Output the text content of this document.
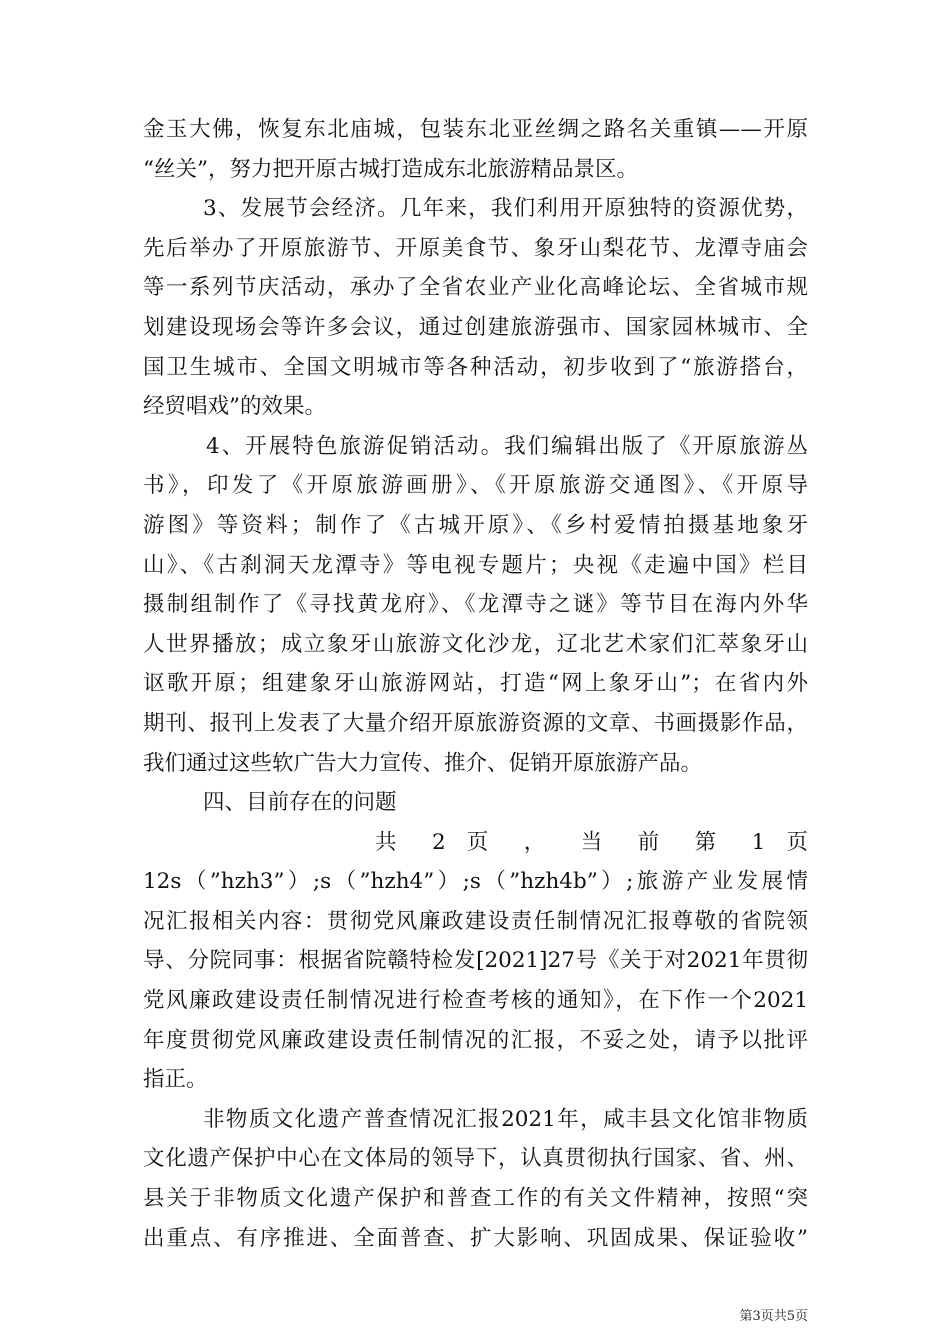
金玉大佛，恢复东北庙城，包装东北亚丝绸之路名关重镇——开原
“丝关”，努力把开原古城打造成东北旅游精品景区。
3、发展节会经济。几年来，我们利用开原独特的资源优势，
先后举办了开原旅游节、开原美食节、象牙山梨花节、龙潭寺庙会
等一系列节庆活动，承办了全省农业产业化高峰论坛、全省城市规
划建设现场会等许多会议，通过创建旅游强市、国家园林城市、全
国卫生城市、全国文明城市等各种活动，初步收到了“旅游搭台，
经贸唱戏”的效果。
4、开展特色旅游促销活动。我们编辑出版了《开原旅游丛
书》，印发了《开原旅游画册》、《开原旅游交通图》、《开原导
游图》等资料；制作了《古城开原》、《乡村爱情拍摄基地象牙
山》、《古刹洞天龙潭寺》等电视专题片；央视《走遍中国》栏目
摄制组制作了《寻找黄龙府》、《龙潭寺之谜》等节目在海内外华
人世界播放；成立象牙山旅游文化沙龙，辽北艺术家们汇萃象牙山
讴歌开原；组建象牙山旅游网站，打造“网上象牙山”；在省内外
期刊、报刊上发表了大量介绍开原旅游资源的文章、书画摄影作品，
我们通过这些软广告大力宣传、推介、促销开原旅游产品。
四、目前存在的问题
共 2 页 ， 当 前 第 1 页
12s（”hzh3”）;s（”hzh4”）;s（”hzh4b”）;旅游产业发展情
况汇报相关内容：贯彻党风廉政建设责任制情况汇报尊敬的省院领
导、分院同事：根据省院赣特检发[2021]27号《关于对2021年贯彻
党风廉政建设责任制情况进行检查考核的通知》，在下作一个2021
年度贯彻党风廉政建设责任制情况的汇报，不妥之处，请予以批评
指正。
非物质文化遗产普查情况汇报2021年，咸丰县文化馆非物质
文化遗产保护中心在文体局的领导下，认真贯彻执行国家、省、州、
县关于非物质文化遗产保护和普查工作的有关文件精神，按照“突
出重点、有序推进、全面普查、扩大影响、巩固成果、保证验收”
第3页共5页
